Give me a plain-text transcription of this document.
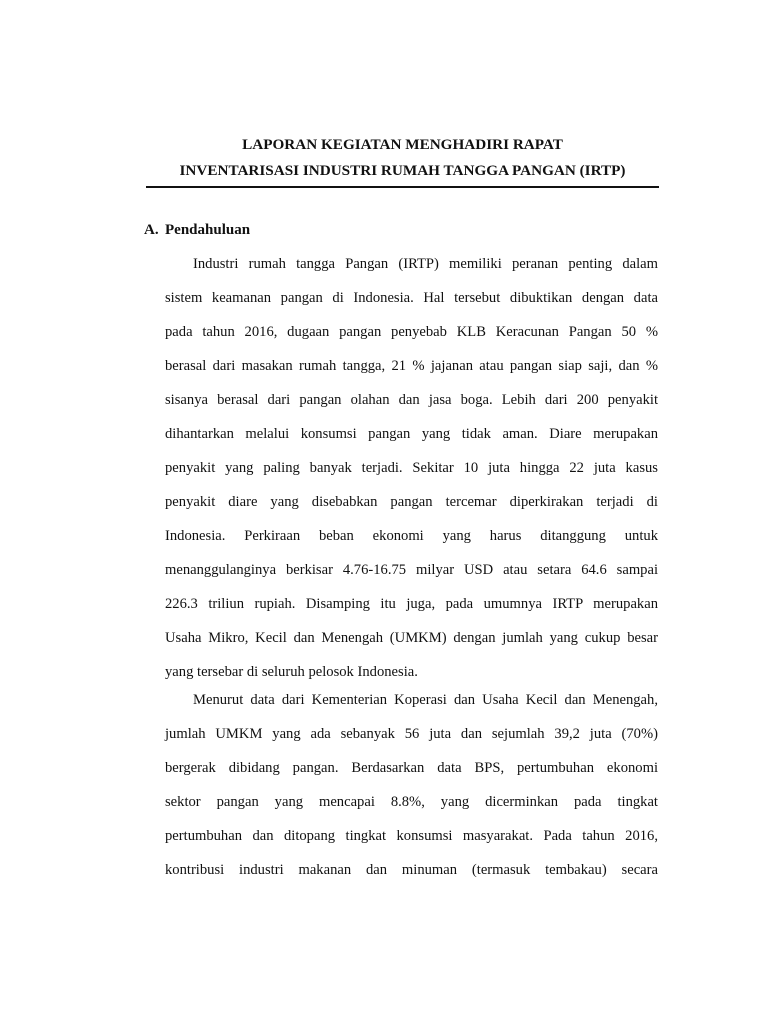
LAPORAN KEGIATAN MENGHADIRI RAPAT
INVENTARISASI INDUSTRI RUMAH TANGGA PANGAN (IRTP)
A. Pendahuluan
Industri rumah tangga Pangan (IRTP) memiliki peranan penting dalam
sistem keamanan pangan di Indonesia. Hal tersebut dibuktikan dengan data
pada tahun 2016, dugaan pangan penyebab KLB Keracunan Pangan 50 %
berasal dari masakan rumah tangga, 21 % jajanan atau pangan siap saji, dan %
sisanya berasal dari pangan olahan dan jasa boga. Lebih dari 200 penyakit
dihantarkan melalui konsumsi pangan yang tidak aman. Diare merupakan
penyakit yang paling banyak terjadi. Sekitar 10 juta hingga 22 juta kasus
penyakit diare yang disebabkan pangan tercemar diperkirakan terjadi di
Indonesia. Perkiraan beban ekonomi yang harus ditanggung untuk
menanggulanginya berkisar 4.76-16.75 milyar USD atau setara 64.6 sampai
226.3 triliun rupiah. Disamping itu juga, pada umumnya IRTP merupakan
Usaha Mikro, Kecil dan Menengah (UMKM) dengan jumlah yang cukup besar
yang tersebar di seluruh pelosok Indonesia.
Menurut data dari Kementerian Koperasi dan Usaha Kecil dan Menengah,
jumlah UMKM yang ada sebanyak 56 juta dan sejumlah 39,2 juta (70%)
bergerak dibidang pangan. Berdasarkan data BPS, pertumbuhan ekonomi
sektor pangan yang mencapai 8.8%, yang dicerminkan pada tingkat
pertumbuhan dan ditopang tingkat konsumsi masyarakat. Pada tahun 2016,
kontribusi industri makanan dan minuman (termasuk tembakau) secara
